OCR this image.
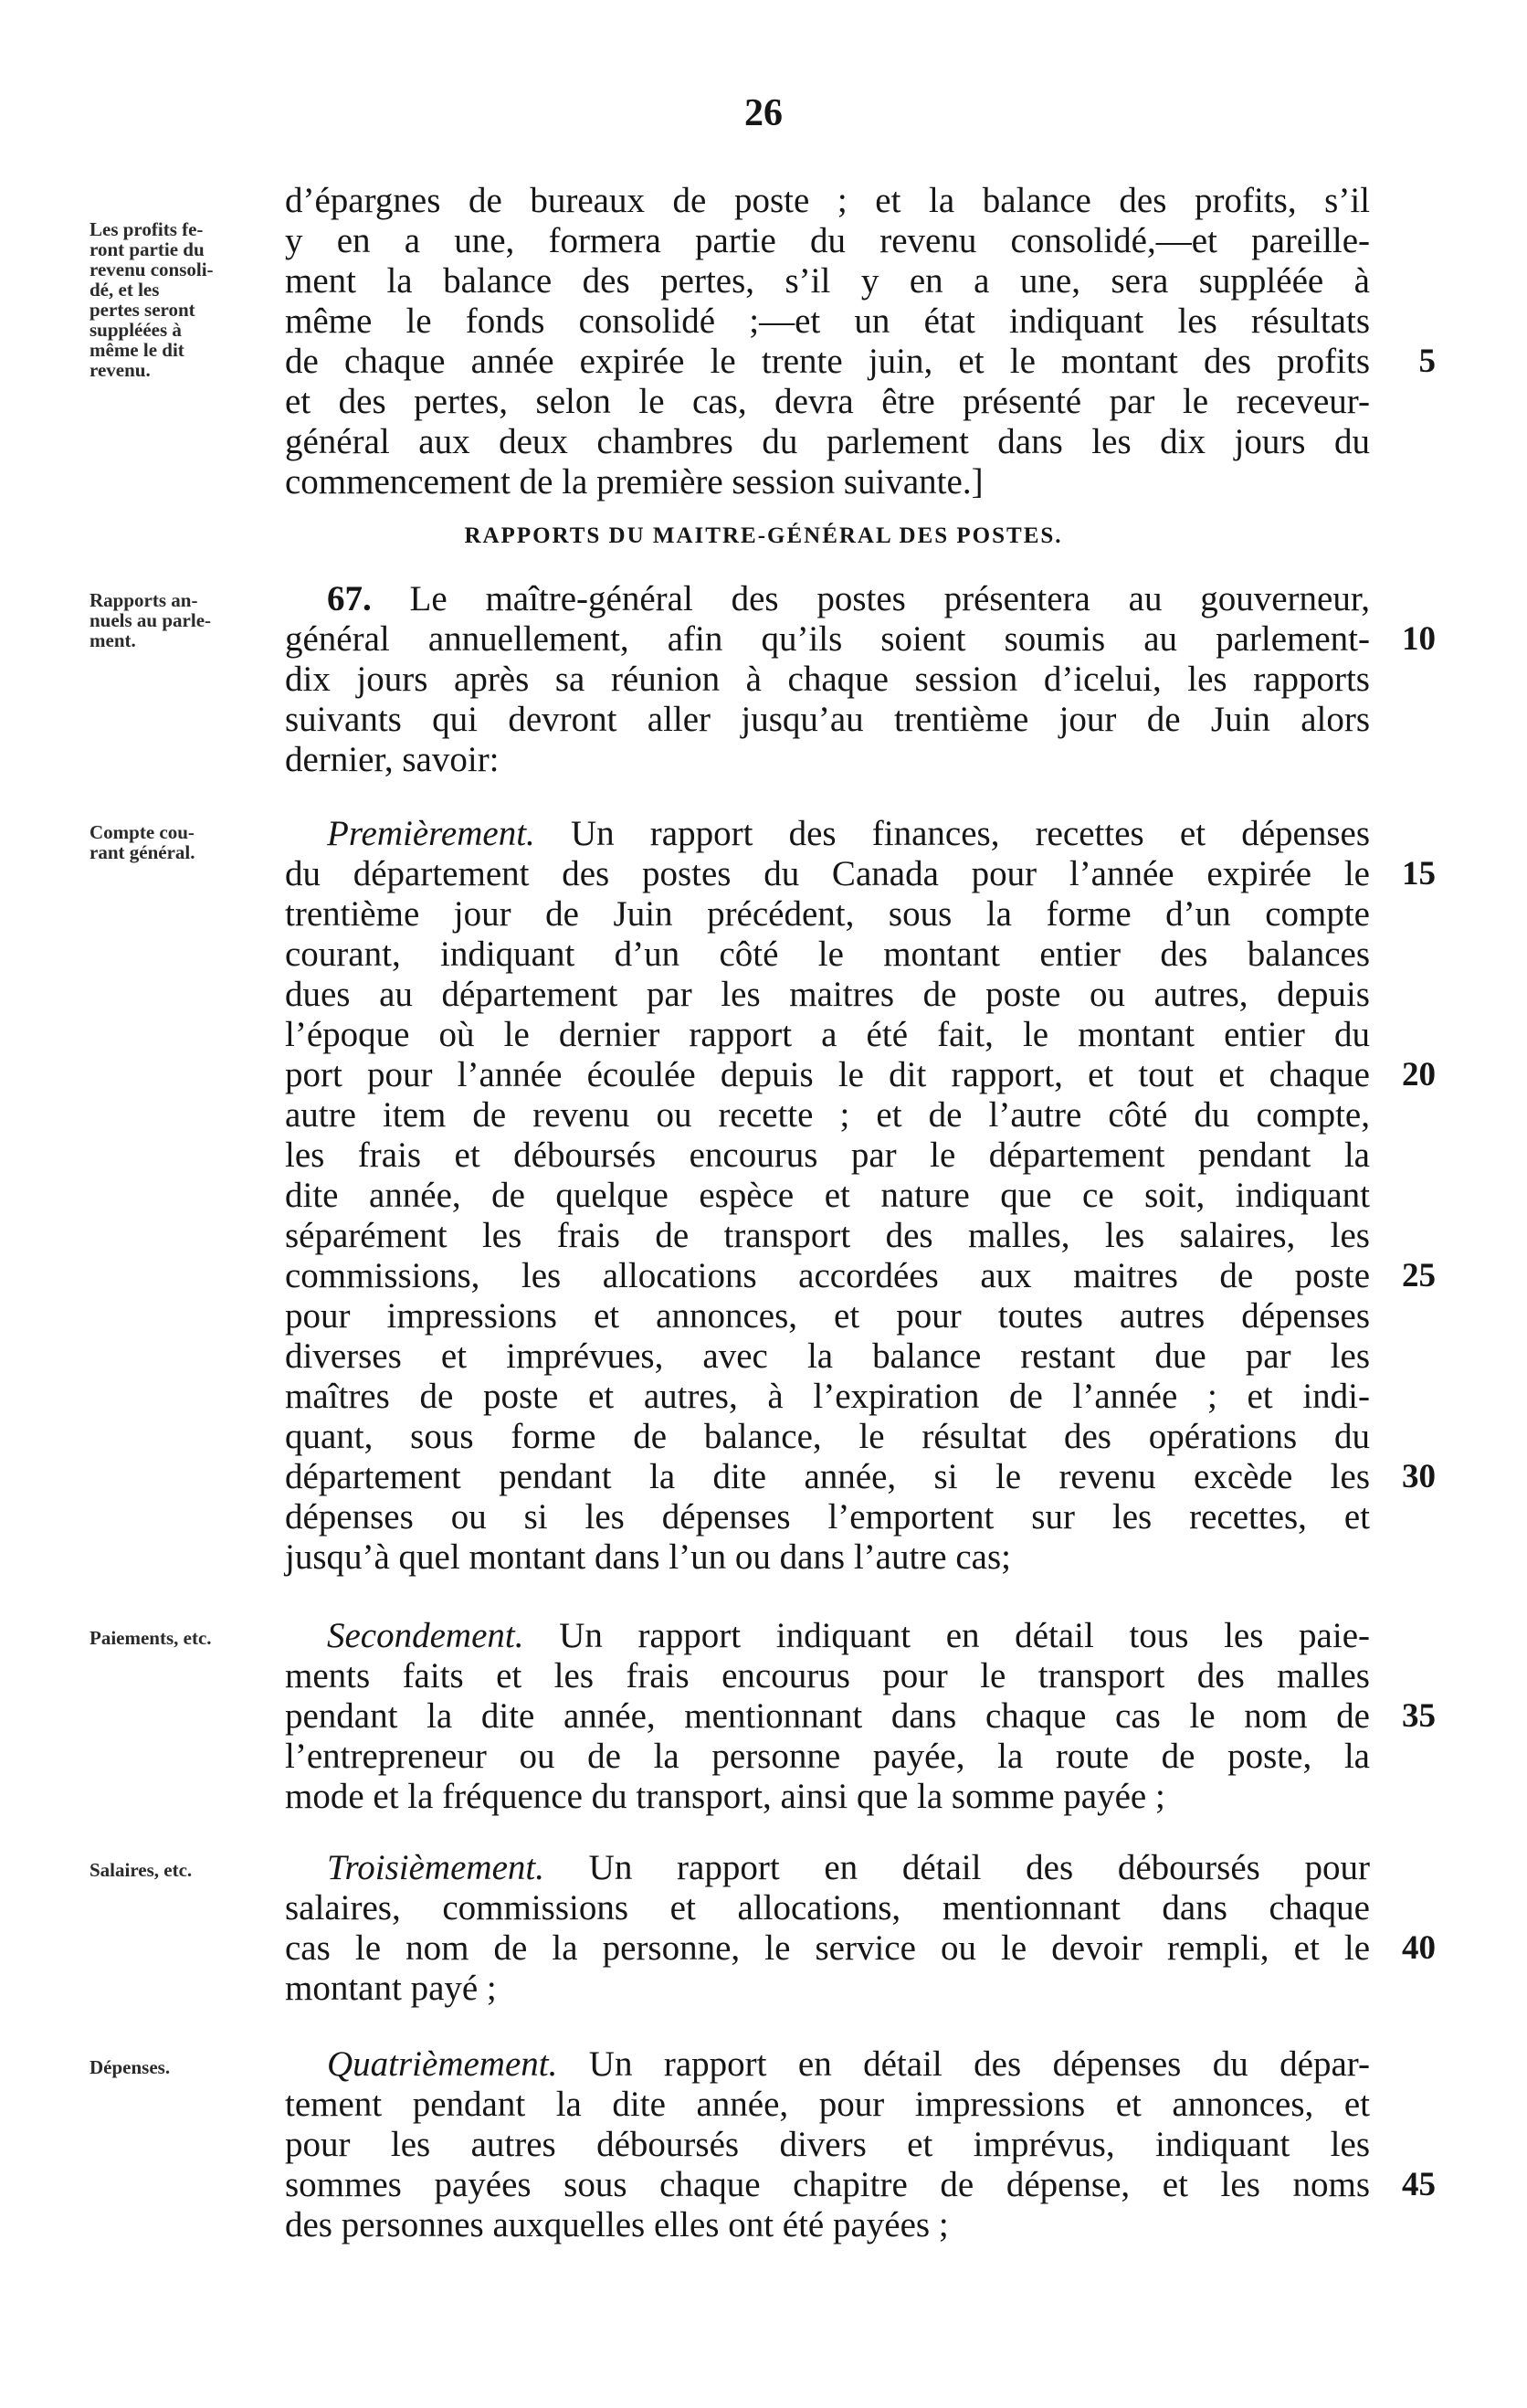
26
RAPPORTS DU MAITRE-GÉNÉRAL DES POSTES.
Les profits fe-
ront partie du
revenu consoli-
dé, et les
pertes seront
suppléées à
même le dit
revenu.
d’épargnes de bureaux de poste ; et la balance des profits, s’il
y en a une, formera partie du revenu consolidé,—et pareille-
ment la balance des pertes, s’il y en a une, sera suppléée à
même le fonds consolidé ;—et un état indiquant les résultats
de chaque année expirée le trente juin, et le montant des profits	5
et des pertes, selon le cas, devra être présenté par le receveur-
général aux deux chambres du parlement dans les dix jours du
commencement de la première session suivante.]
Rapports an-
nuels au parle-
ment.
67. Le maître-général des postes présentera au gouverneur,
général annuellement, afin qu’ils soient soumis au parlement- 10
dix jours après sa réunion à chaque session d’icelui, les rapports
suivants qui devront aller jusqu’au trentième jour de Juin alors
dernier, savoir:
Compte cou-
rant général.	Premièrement. Un rapport des finances, recettes et dépenses
du département des postes du Canada pour l’année expirée le 15
trentième jour de Juin précédent, sous la forme d’un compte
courant, indiquant d’un côté le montant entier des balances
dues au département par les maitres de poste ou autres, depuis
l’époque où le dernier rapport a été fait, le montant entier du
port pour l’année écoulée depuis le dit rapport, et tout et chaque 20
autre item de revenu ou recette ; et de l’autre côté du compte,
les frais et déboursés encourus par le département pendant la
dite année, de quelque espèce et nature que ce soit, indiquant
séparément les frais de transport des malles, les salaires, les
commissions, les allocations accordées aux maitres de poste 25
pour impressions et annonces, et pour toutes autres dépenses
diverses et imprévues, avec la balance restant due par les
maîtres de poste et autres, à l’expiration de l’année ; et indi-
quant, sous forme de balance, le résultat des opérations du
département pendant la dite année, si le revenu excède les 30
dépenses ou si les dépenses l’emportent sur les recettes, et
jusqu’à quel montant dans l’un ou dans l’autre cas;
Paiements, etc.	Secondement. Un rapport indiquant en détail tous les paie-
ments faits et les frais encourus pour le transport des malles
pendant la dite année, mentionnant dans chaque cas le nom de 35
l’entrepreneur ou de la personne payée, la route de poste, la
mode et la fréquence du transport, ainsi que la somme payée ;
Salaires, etc.	Troisièmement. Un rapport en détail des déboursés pour
salaires, commissions et allocations, mentionnant dans chaque
cas le nom de la personne, le service ou le devoir rempli, et le 40
montant payé ;
Dépenses.	Quatrièmement. Un rapport en détail des dépenses du dépar-
tement pendant la dite année, pour impressions et annonces, et
pour les autres déboursés divers et imprévus, indiquant les
sommes payées sous chaque chapitre de dépense, et les noms 45
des personnes auxquelles elles ont été payées ;
